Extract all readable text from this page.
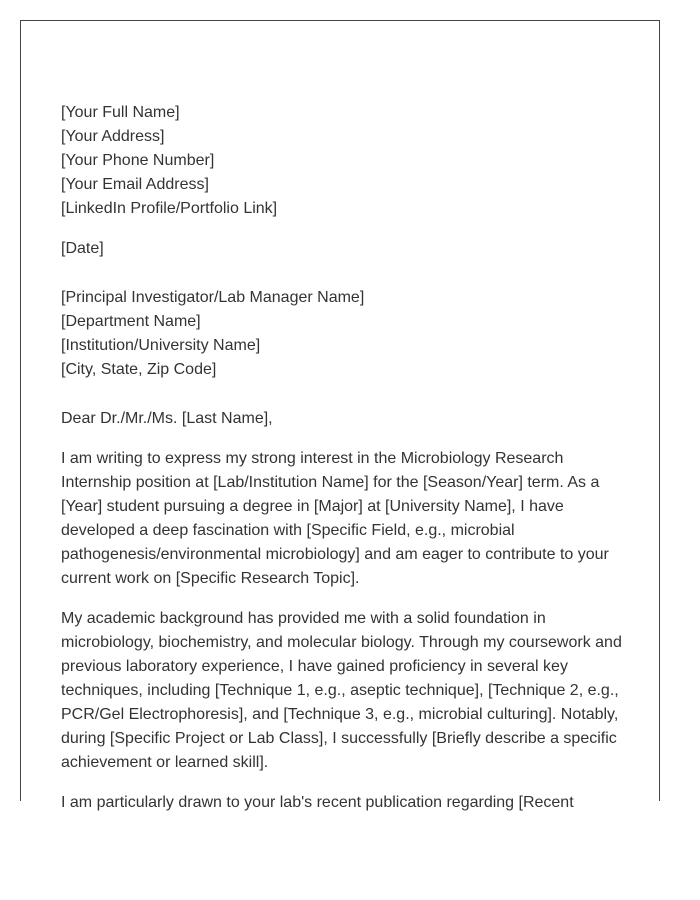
[Your Full Name]
[Your Address]
[Your Phone Number]
[Your Email Address]
[LinkedIn Profile/Portfolio Link]
[Date]
[Principal Investigator/Lab Manager Name]
[Department Name]
[Institution/University Name]
[City, State, Zip Code]
Dear Dr./Mr./Ms. [Last Name],

I am writing to express my strong interest in the Microbiology Research Internship position at [Lab/Institution Name] for the [Season/Year] term. As a [Year] student pursuing a degree in [Major] at [University Name], I have developed a deep fascination with [Specific Field, e.g., microbial pathogenesis/environmental microbiology] and am eager to contribute to your current work on [Specific Research Topic].

My academic background has provided me with a solid foundation in microbiology, biochemistry, and molecular biology. Through my coursework and previous laboratory experience, I have gained proficiency in several key techniques, including [Technique 1, e.g., aseptic technique], [Technique 2, e.g., PCR/Gel Electrophoresis], and [Technique 3, e.g., microbial culturing]. Notably, during [Specific Project or Lab Class], I successfully [Briefly describe a specific achievement or learned skill].

I am particularly drawn to your lab's recent publication regarding [Recent
